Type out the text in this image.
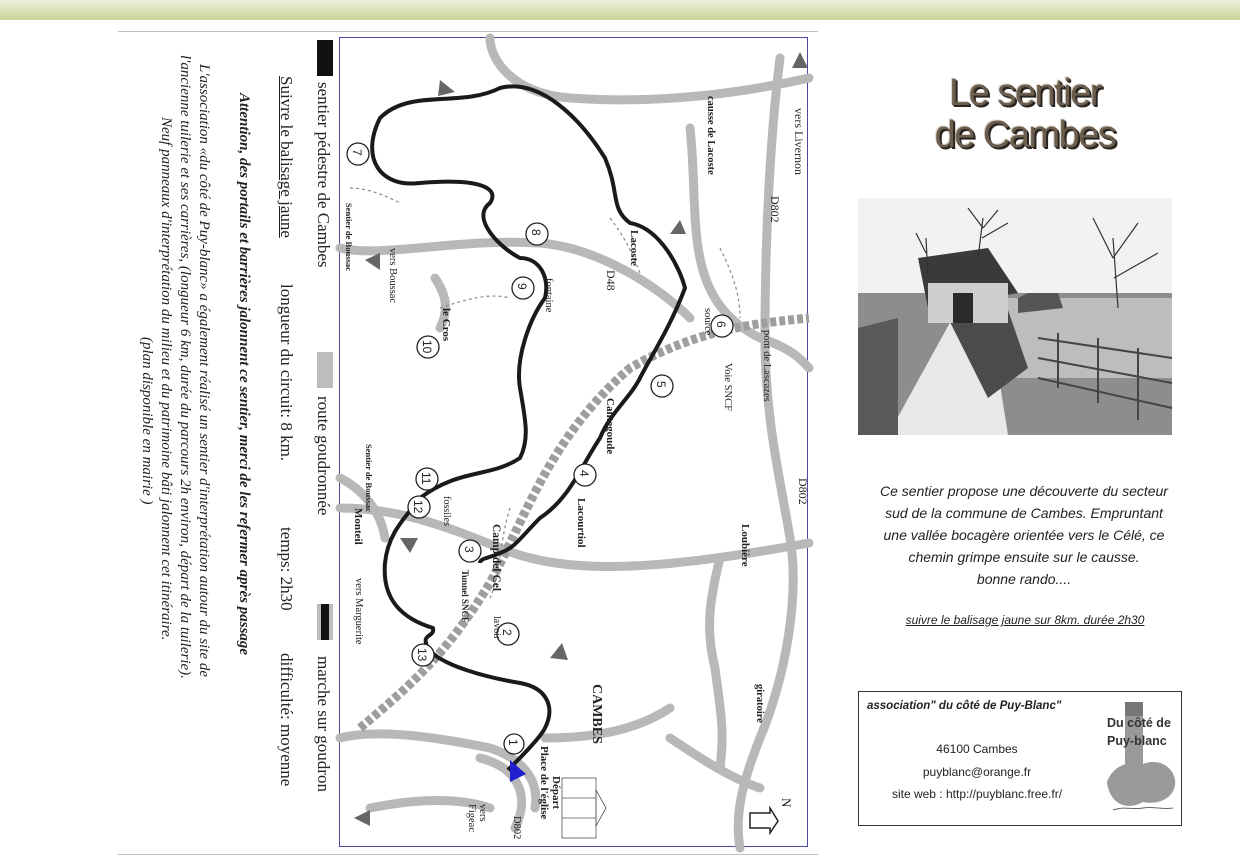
sentier pédestre de Cambes
route goudronnée
marche sur goudron
Suivre le balisage jaune
longueur du circuit: 8 km.
temps: 2h30
difficulté: moyenne
Attention, des portails et barrières jalonnent ce sentier, merci de les refermer après passage
L'association «du côté de Puy-blanc» a également réalisé un sentier d'interprétation autour du site de
l'ancienne tuilerie et ses carrières, (longueur 6 km, durée du parcours 2h environ, départ de la tuilerie).
Neuf panneaux d'interprétation du milieu et du patrimoine bâti jalonnent cet itinéraire.
(plan disponible en mairie )
1
2
3
4
5
6
7
8
9
10
11
12
13
vers Livernon
causse de Lacoste
D802
Lacoste
D48
source
fontaine
pont de Lascazes
Voie SNCF
D802
Cantegoude
Lacourtiol	Loubière
Camp del Cel
Tunnel SNCF
lavoir
giratoire
CAMBES
Place de l'église Départ
D802
vers Figeac
N
Sentier de Boussac
vers Boussac
le Cros
Sentier de Boussac	fossiles
Monteil
vers Marguerite
Le sentier
de Cambes
Ce sentier propose une découverte du secteur
sud de la commune de Cambes. Empruntant
une vallée bocagère orientée vers le Célé, ce
chemin grimpe ensuite sur le causse.
bonne rando....
suivre le balisage jaune sur 8km. durée 2h30
association" du côté de Puy-Blanc"
46100 Cambes
puyblanc@orange.fr
site web : http://puyblanc.free.fr/
Du côté de
Puy-blanc
